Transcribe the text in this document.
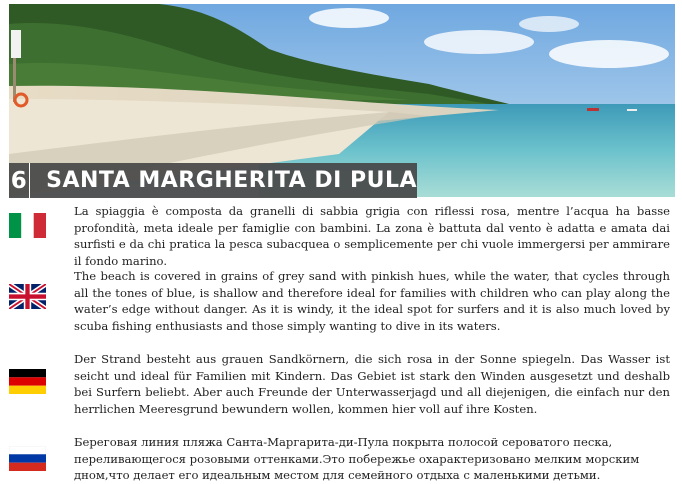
6 SANTA MARGHERITA DI PULA

La spiaggia è composta da granelli di sabbia grigia con riflessi rosa, mentre l’acqua ha basse profondità, meta ideale per famiglie con bambini. La zona è battuta dal vento è adatta e amata dai surfisti e da chi pratica la pesca subacquea o semplicemente per chi vuole immergersi per ammirare il fondo marino.

The beach is covered in grains of grey sand with pinkish hues, while the water, that cycles through all the tones of blue, is shallow and therefore ideal for families with children who can play along the water’s edge without danger. As it is windy, it the ideal spot for surfers and it is also much loved by scuba fishing enthusiasts and those simply wanting to dive in its waters.

Der Strand besteht aus grauen Sandkörnern, die sich rosa in der Sonne spiegeln. Das Wasser ist seicht und ideal für Familien mit Kindern. Das Gebiet ist stark den Winden ausgesetzt und deshalb bei Surfern beliebt. Aber auch Freunde der Unterwasserjagd und all diejenigen, die einfach nur den herrlichen Meeresgrund bewundern wollen, kommen hier voll auf ihre Kosten.

Береговая линия пляжа Санта-Маргарита-ди-Пула покрыта полосой сероватого песка, переливающегося розовыми оттенками.Это побережье охарактеризовано мелким морским дном,что делает его идеальным местом для семейного отдыха с маленькими детьми.
